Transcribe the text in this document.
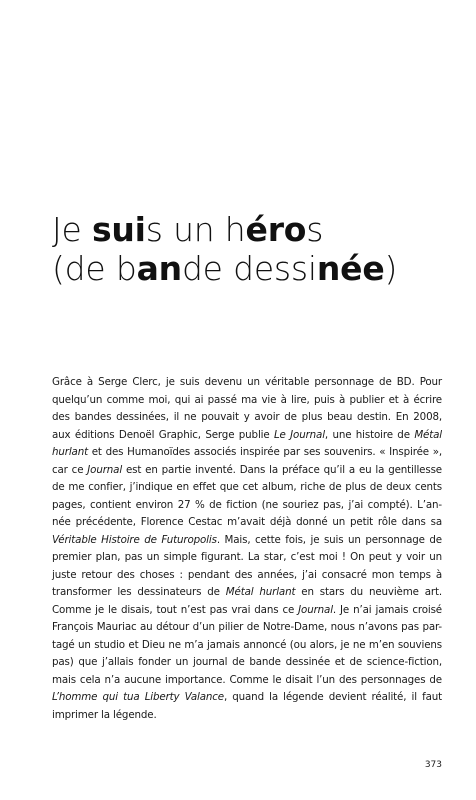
Je suis un héros
(de bande dessinée)
Grâce à Serge Clerc, je suis devenu un véritable personnage de BD. Pour
quelqu’un comme moi, qui ai passé ma vie à lire, puis à publier et à écrire
des bandes dessinées, il ne pouvait y avoir de plus beau destin. En 2008,
aux éditions Denoël Graphic, Serge publie Le Journal, une histoire de Métal
hurlant et des Humanoïdes associés inspirée par ses souvenirs. « Inspirée »,
car ce Journal est en partie inventé. Dans la préface qu’il a eu la gentillesse
de me confier, j’indique en effet que cet album, riche de plus de deux cents
pages, contient environ 27 % de fiction (ne souriez pas, j’ai compté). L’an-
née précédente, Florence Cestac m’avait déjà donné un petit rôle dans sa
Véritable Histoire de Futuropolis. Mais, cette fois, je suis un personnage de
premier plan, pas un simple figurant. La star, c’est moi ! On peut y voir un
juste retour des choses : pendant des années, j’ai consacré mon temps à
transformer les dessinateurs de Métal hurlant en stars du neuvième art.
Comme je le disais, tout n’est pas vrai dans ce Journal. Je n’ai jamais croisé
François Mauriac au détour d’un pilier de Notre-Dame, nous n’avons pas par-
tagé un studio et Dieu ne m’a jamais annoncé (ou alors, je ne m’en souviens
pas) que j’allais fonder un journal de bande dessinée et de science-fiction,
mais cela n’a aucune importance. Comme le disait l’un des personnages de
L’homme qui tua Liberty Valance, quand la légende devient réalité, il faut
imprimer la légende.
373
